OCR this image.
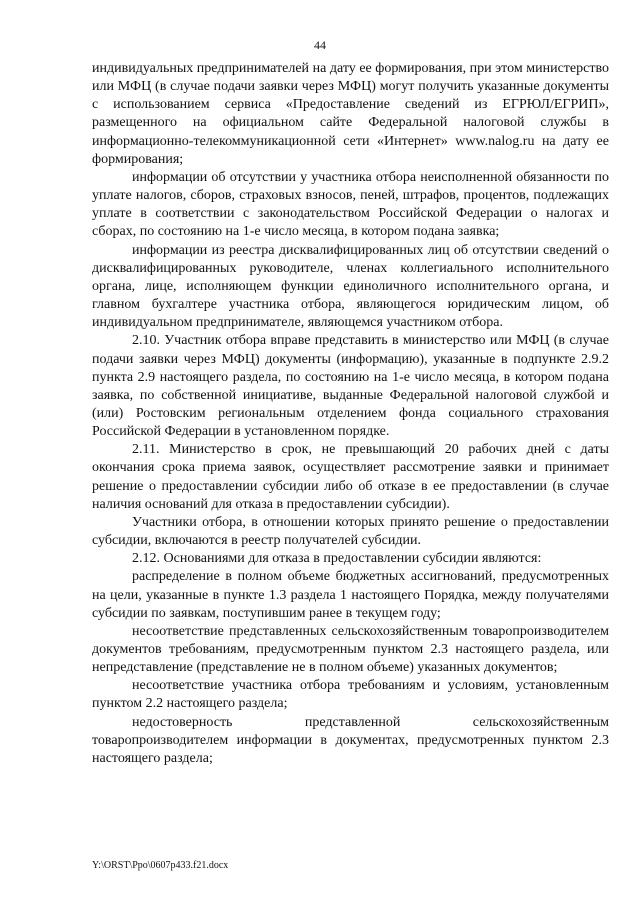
44

индивидуальных предпринимателей на дату ее формирования, при этом министерство или МФЦ (в случае подачи заявки через МФЦ) могут получить указанные документы с использованием сервиса «Предоставление сведений из ЕГРЮЛ/ЕГРИП», размещенного на официальном сайте Федеральной налоговой службы в информационно-телекоммуникационной сети «Интернет» www.nalog.ru на дату ее формирования;

информации об отсутствии у участника отбора неисполненной обязанности по уплате налогов, сборов, страховых взносов, пеней, штрафов, процентов, подлежащих уплате в соответствии с законодательством Российской Федерации о налогах и сборах, по состоянию на 1-е число месяца, в котором подана заявка;

информации из реестра дисквалифицированных лиц об отсутствии сведений о дисквалифицированных руководителе, членах коллегиального исполнительного органа, лице, исполняющем функции единоличного исполнительного органа, и главном бухгалтере участника отбора, являющегося юридическим лицом, об индивидуальном предпринимателе, являющемся участником отбора.

2.10. Участник отбора вправе представить в министерство или МФЦ (в случае подачи заявки через МФЦ) документы (информацию), указанные в подпункте 2.9.2 пункта 2.9 настоящего раздела, по состоянию на 1-е число месяца, в котором подана заявка, по собственной инициативе, выданные Федеральной налоговой службой и (или) Ростовским региональным отделением фонда социального страхования Российской Федерации в установленном порядке.

2.11. Министерство в срок, не превышающий 20 рабочих дней с даты окончания срока приема заявок, осуществляет рассмотрение заявки и принимает решение о предоставлении субсидии либо об отказе в ее предоставлении (в случае наличия оснований для отказа в предоставлении субсидии).

Участники отбора, в отношении которых принято решение о предоставлении субсидии, включаются в реестр получателей субсидии.

2.12. Основаниями для отказа в предоставлении субсидии являются:

распределение в полном объеме бюджетных ассигнований, предусмотренных на цели, указанные в пункте 1.3 раздела 1 настоящего Порядка, между получателями субсидии по заявкам, поступившим ранее в текущем году;

несоответствие представленных сельскохозяйственным товаропроизводителем документов требованиям, предусмотренным пунктом 2.3 настоящего раздела, или непредставление (представление не в полном объеме) указанных документов;

несоответствие участника отбора требованиям и условиям, установленным пунктом 2.2 настоящего раздела;

недостоверность представленной сельскохозяйственным товаропроизводителем информации в документах, предусмотренных пунктом 2.3 настоящего раздела;

Y:\ORST\Ppo\0607p433.f21.docx
